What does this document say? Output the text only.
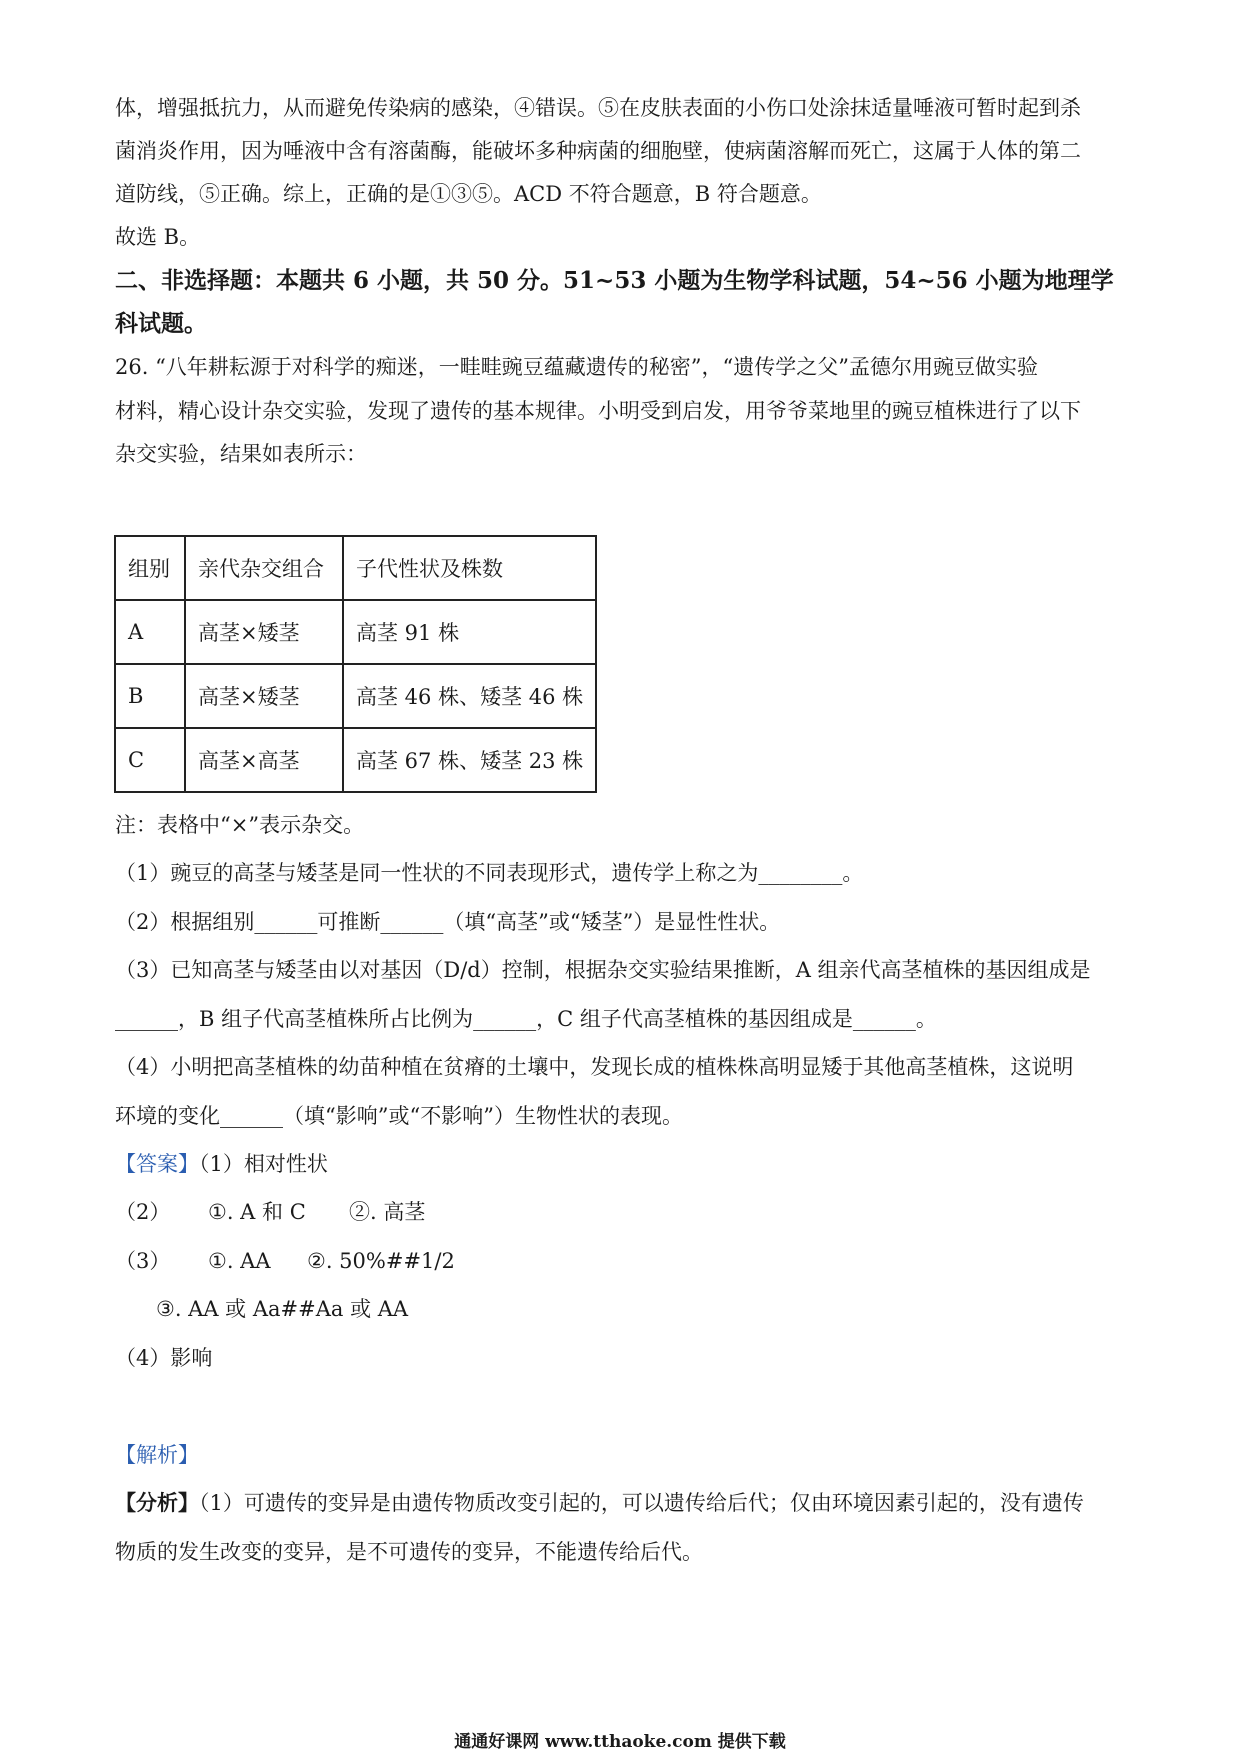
体，增强抵抗力，从而避免传染病的感染，④错误。⑤在皮肤表面的小伤口处涂抹适量唾液可暂时起到杀
菌消炎作用，因为唾液中含有溶菌酶，能破坏多种病菌的细胞壁，使病菌溶解而死亡，这属于人体的第二
道防线，⑤正确。综上，正确的是①③⑤。ACD 不符合题意，B 符合题意。
故选 B。
二、非选择题：本题共 6 小题，共 50 分。51~53 小题为生物学科试题，54~56 小题为地理学
科试题。
26. “八年耕耘源于对科学的痴迷，一畦畦豌豆蕴藏遗传的秘密”，“遗传学之父”孟德尔用豌豆做实验
材料，精心设计杂交实验，发现了遗传的基本规律。小明受到启发，用爷爷菜地里的豌豆植株进行了以下
杂交实验，结果如表所示：
组别	亲代杂交组合	子代性状及株数
A	高茎×矮茎	高茎 91 株
B	高茎×矮茎	高茎 46 株、矮茎 46 株
C	高茎×高茎	高茎 67 株、矮茎 23 株
注：表格中“×”表示杂交。
（1）豌豆的高茎与矮茎是同一性状的不同表现形式，遗传学上称之为________。
（2）根据组别______可推断______（填“高茎”或“矮茎”）是显性性状。
（3）已知高茎与矮茎由以对基因（D/d）控制，根据杂交实验结果推断，A 组亲代高茎植株的基因组成是
______，B 组子代高茎植株所占比例为______，C 组子代高茎植株的基因组成是______。
（4）小明把高茎植株的幼苗种植在贫瘠的土壤中，发现长成的植株株高明显矮于其他高茎植株，这说明
环境的变化______（填“影响”或“不影响”）生物性状的表现。
【答案】（1）相对性状
（2） ①. A 和 C ②. 高茎
（3） ①. AA ②. 50%##1/2
③. AA 或 Aa##Aa 或 AA
（4）影响
【解析】
【分析】（1）可遗传的变异是由遗传物质改变引起的，可以遗传给后代；仅由环境因素引起的，没有遗传
物质的发生改变的变异，是不可遗传的变异，不能遗传给后代。
通通好课网 www.tthaoke.com 提供下载
